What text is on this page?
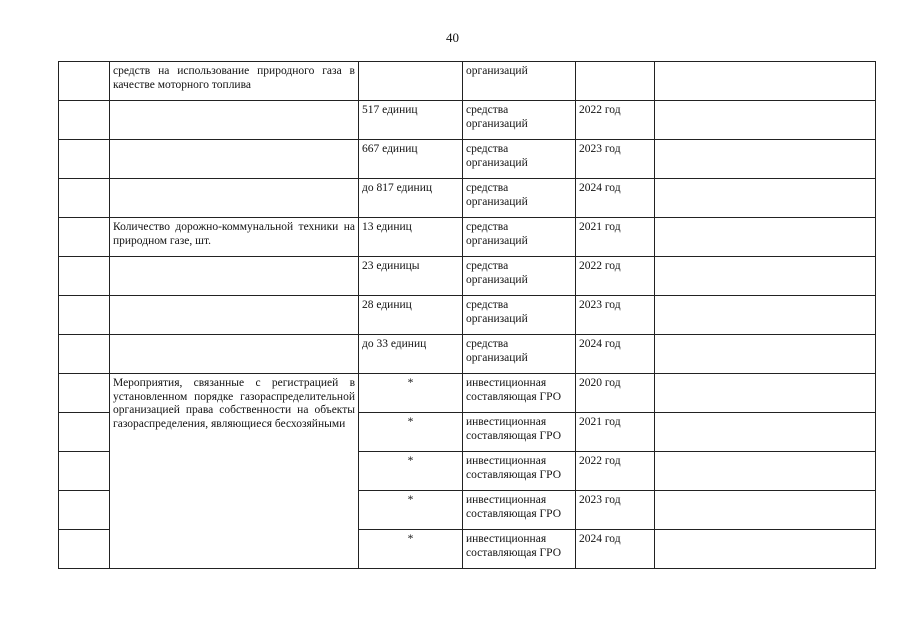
40
	средств на использование природного газа в качестве моторного топлива		организаций		
		517 единиц	средства организаций	2022 год	
		667 единиц	средства организаций	2023 год	
		до 817 единиц	средства организаций	2024 год	
	Количество дорожно-коммунальной техники на природном газе, шт.	13 единиц	средства организаций	2021 год	
		23 единицы	средства организаций	2022 год	
		28 единиц	средства организаций	2023 год	
		до 33 единиц	средства организаций	2024 год	
	Мероприятия, связанные с регистрацией в установленном порядке газораспределительной организацией права собственности на объекты газораспределения, являющиеся бесхозяйными	*	инвестиционная составляющая ГРО	2020 год	
		*	инвестиционная составляющая ГРО	2021 год	
		*	инвестиционная составляющая ГРО	2022 год	
		*	инвестиционная составляющая ГРО	2023 год	
		*	инвестиционная составляющая ГРО	2024 год	
